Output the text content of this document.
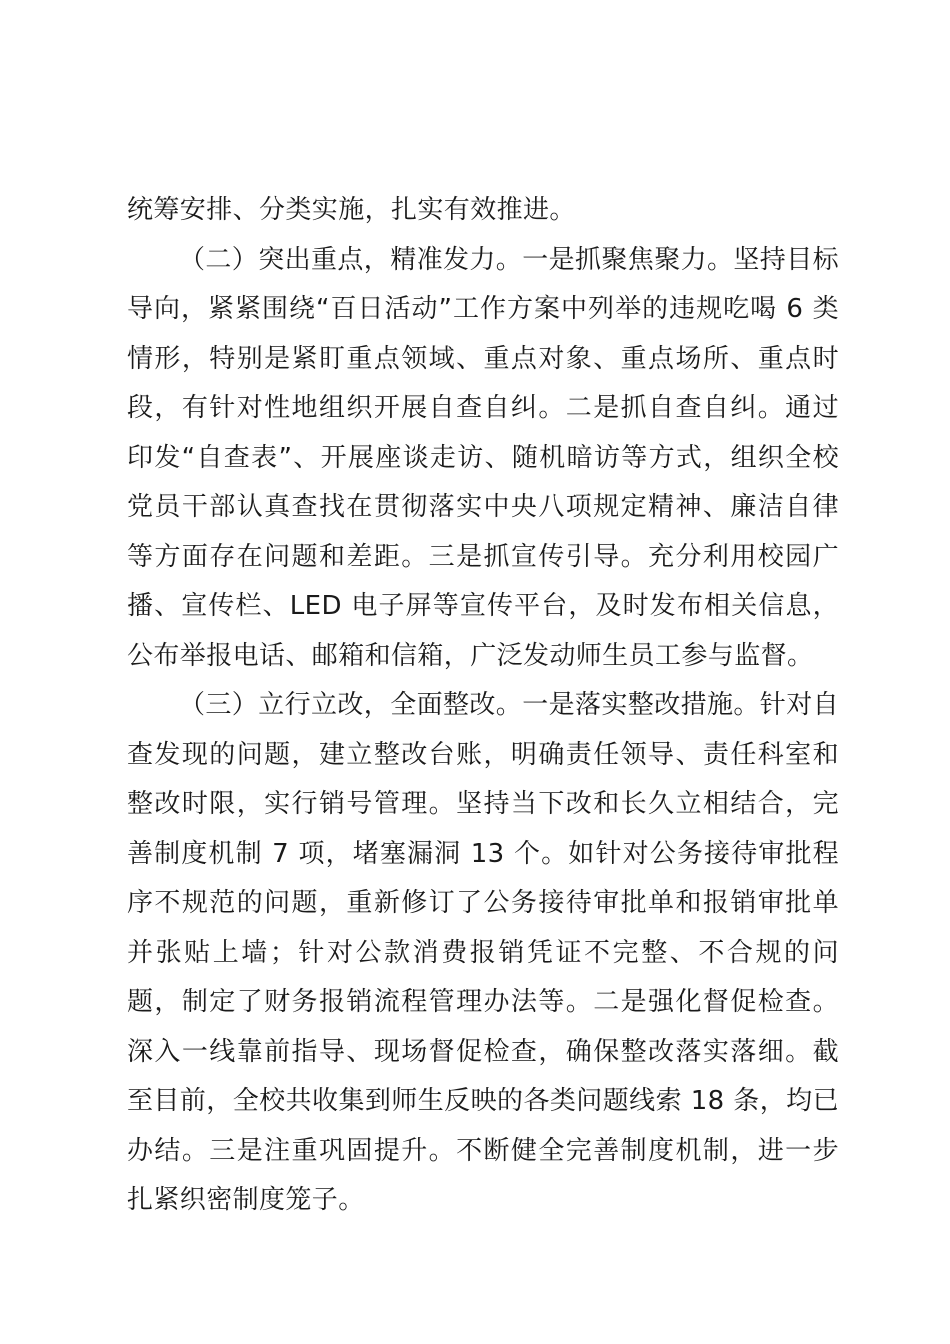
统筹安排、分类实施，扎实有效推进。

（二）突出重点，精准发力。一是抓聚焦聚力。坚持目标导向，紧紧围绕“百日活动”工作方案中列举的违规吃喝 6 类情形，特别是紧盯重点领域、重点对象、重点场所、重点时段，有针对性地组织开展自查自纠。二是抓自查自纠。通过印发“自查表”、开展座谈走访、随机暗访等方式，组织全校党员干部认真查找在贯彻落实中央八项规定精神、廉洁自律等方面存在问题和差距。三是抓宣传引导。充分利用校园广播、宣传栏、LED 电子屏等宣传平台，及时发布相关信息，公布举报电话、邮箱和信箱，广泛发动师生员工参与监督。

（三）立行立改，全面整改。一是落实整改措施。针对自查发现的问题，建立整改台账，明确责任领导、责任科室和整改时限，实行销号管理。坚持当下改和长久立相结合，完善制度机制 7 项，堵塞漏洞 13 个。如针对公务接待审批程序不规范的问题，重新修订了公务接待审批单和报销审批单并张贴上墙；针对公款消费报销凭证不完整、不合规的问题，制定了财务报销流程管理办法等。二是强化督促检查。深入一线靠前指导、现场督促检查，确保整改落实落细。截至目前，全校共收集到师生反映的各类问题线索 18 条，均已办结。三是注重巩固提升。不断健全完善制度机制，进一步扎紧织密制度笼子。
